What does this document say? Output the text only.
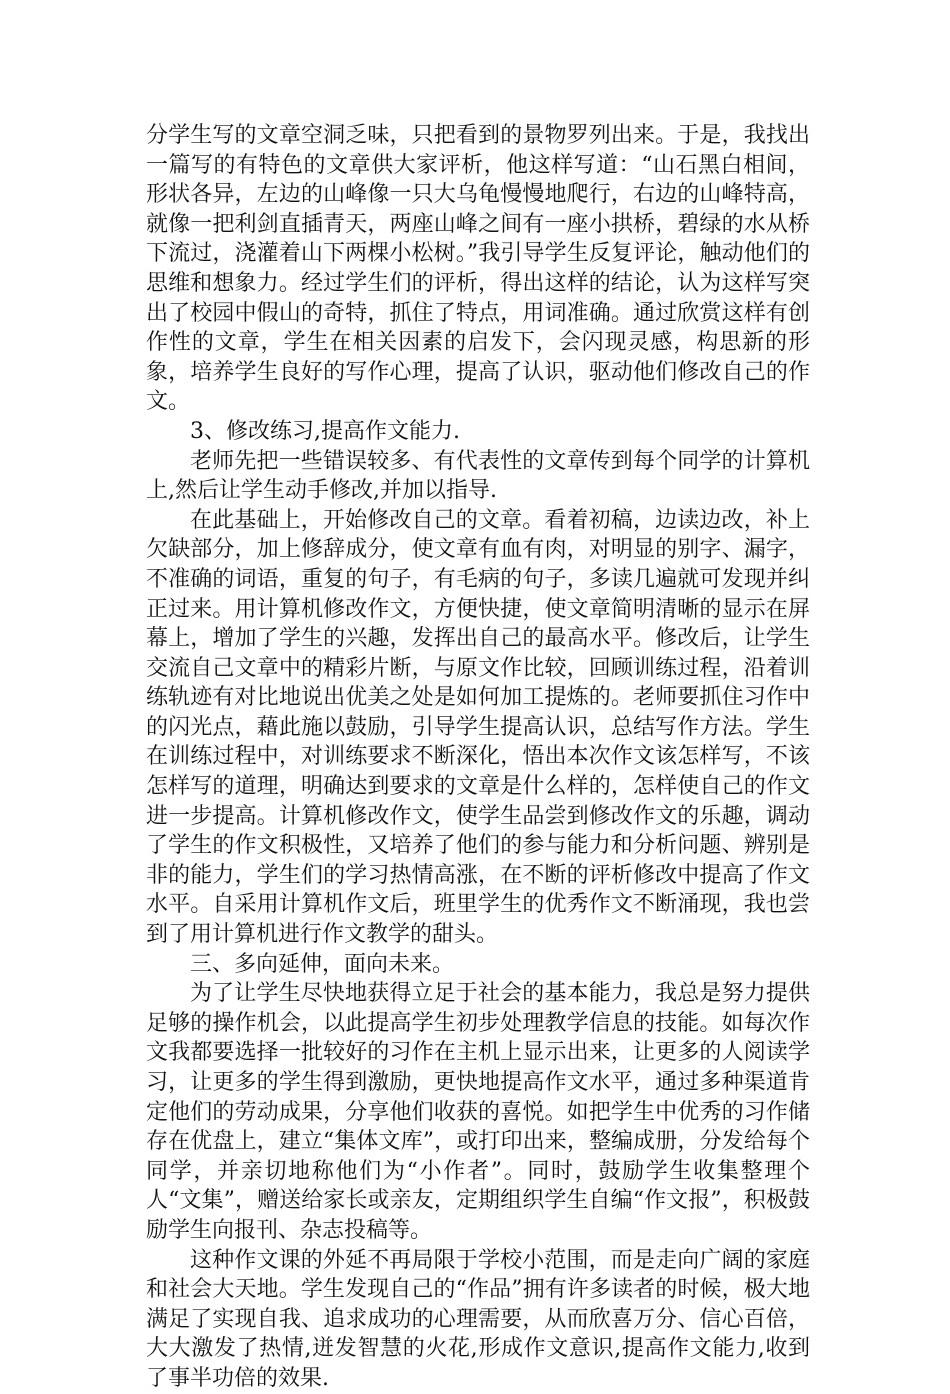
分学生写的文章空洞乏味，只把看到的景物罗列出来。于是，我找出一篇写的有特色的文章供大家评析，他这样写道：“山石黑白相间，形状各异，左边的山峰像一只大乌龟慢慢地爬行，右边的山峰特高，就像一把利剑直插青天，两座山峰之间有一座小拱桥，碧绿的水从桥下流过，浇灌着山下两棵小松树。”我引导学生反复评论，触动他们的思维和想象力。经过学生们的评析，得出这样的结论，认为这样写突出了校园中假山的奇特，抓住了特点，用词准确。通过欣赏这样有创作性的文章，学生在相关因素的启发下，会闪现灵感，构思新的形象，培养学生良好的写作心理，提高了认识，驱动他们修改自己的作文。

3、修改练习,提高作文能力.

老师先把一些错误较多、有代表性的文章传到每个同学的计算机上,然后让学生动手修改,并加以指导.

在此基础上，开始修改自己的文章。看着初稿，边读边改，补上欠缺部分，加上修辞成分，使文章有血有肉，对明显的别字、漏字，不准确的词语，重复的句子，有毛病的句子，多读几遍就可发现并纠正过来。用计算机修改作文，方便快捷，使文章简明清晰的显示在屏幕上，增加了学生的兴趣，发挥出自己的最高水平。修改后，让学生交流自己文章中的精彩片断，与原文作比较，回顾训练过程，沿着训练轨迹有对比地说出优美之处是如何加工提炼的。老师要抓住习作中的闪光点，藉此施以鼓励，引导学生提高认识，总结写作方法。学生在训练过程中，对训练要求不断深化，悟出本次作文该怎样写，不该怎样写的道理，明确达到要求的文章是什么样的，怎样使自己的作文进一步提高。计算机修改作文，使学生品尝到修改作文的乐趣，调动了学生的作文积极性，又培养了他们的参与能力和分析问题、辨别是非的能力，学生们的学习热情高涨，在不断的评析修改中提高了作文水平。自采用计算机作文后，班里学生的优秀作文不断涌现，我也尝到了用计算机进行作文教学的甜头。

三、多向延伸，面向未来。

为了让学生尽快地获得立足于社会的基本能力，我总是努力提供足够的操作机会，以此提高学生初步处理教学信息的技能。如每次作文我都要选择一批较好的习作在主机上显示出来，让更多的人阅读学习，让更多的学生得到激励，更快地提高作文水平，通过多种渠道肯定他们的劳动成果，分享他们收获的喜悦。如把学生中优秀的习作储存在优盘上，建立“集体文库”，或打印出来，整编成册，分发给每个同学，并亲切地称他们为“小作者”。同时，鼓励学生收集整理个人“文集”，赠送给家长或亲友，定期组织学生自编“作文报”，积极鼓励学生向报刊、杂志投稿等。

这种作文课的外延不再局限于学校小范围，而是走向广阔的家庭和社会大天地。学生发现自己的“作品”拥有许多读者的时候，极大地满足了实现自我、追求成功的心理需要，从而欣喜万分、信心百倍，大大激发了热情,迸发智慧的火花,形成作文意识,提高作文能力,收到了事半功倍的效果.
